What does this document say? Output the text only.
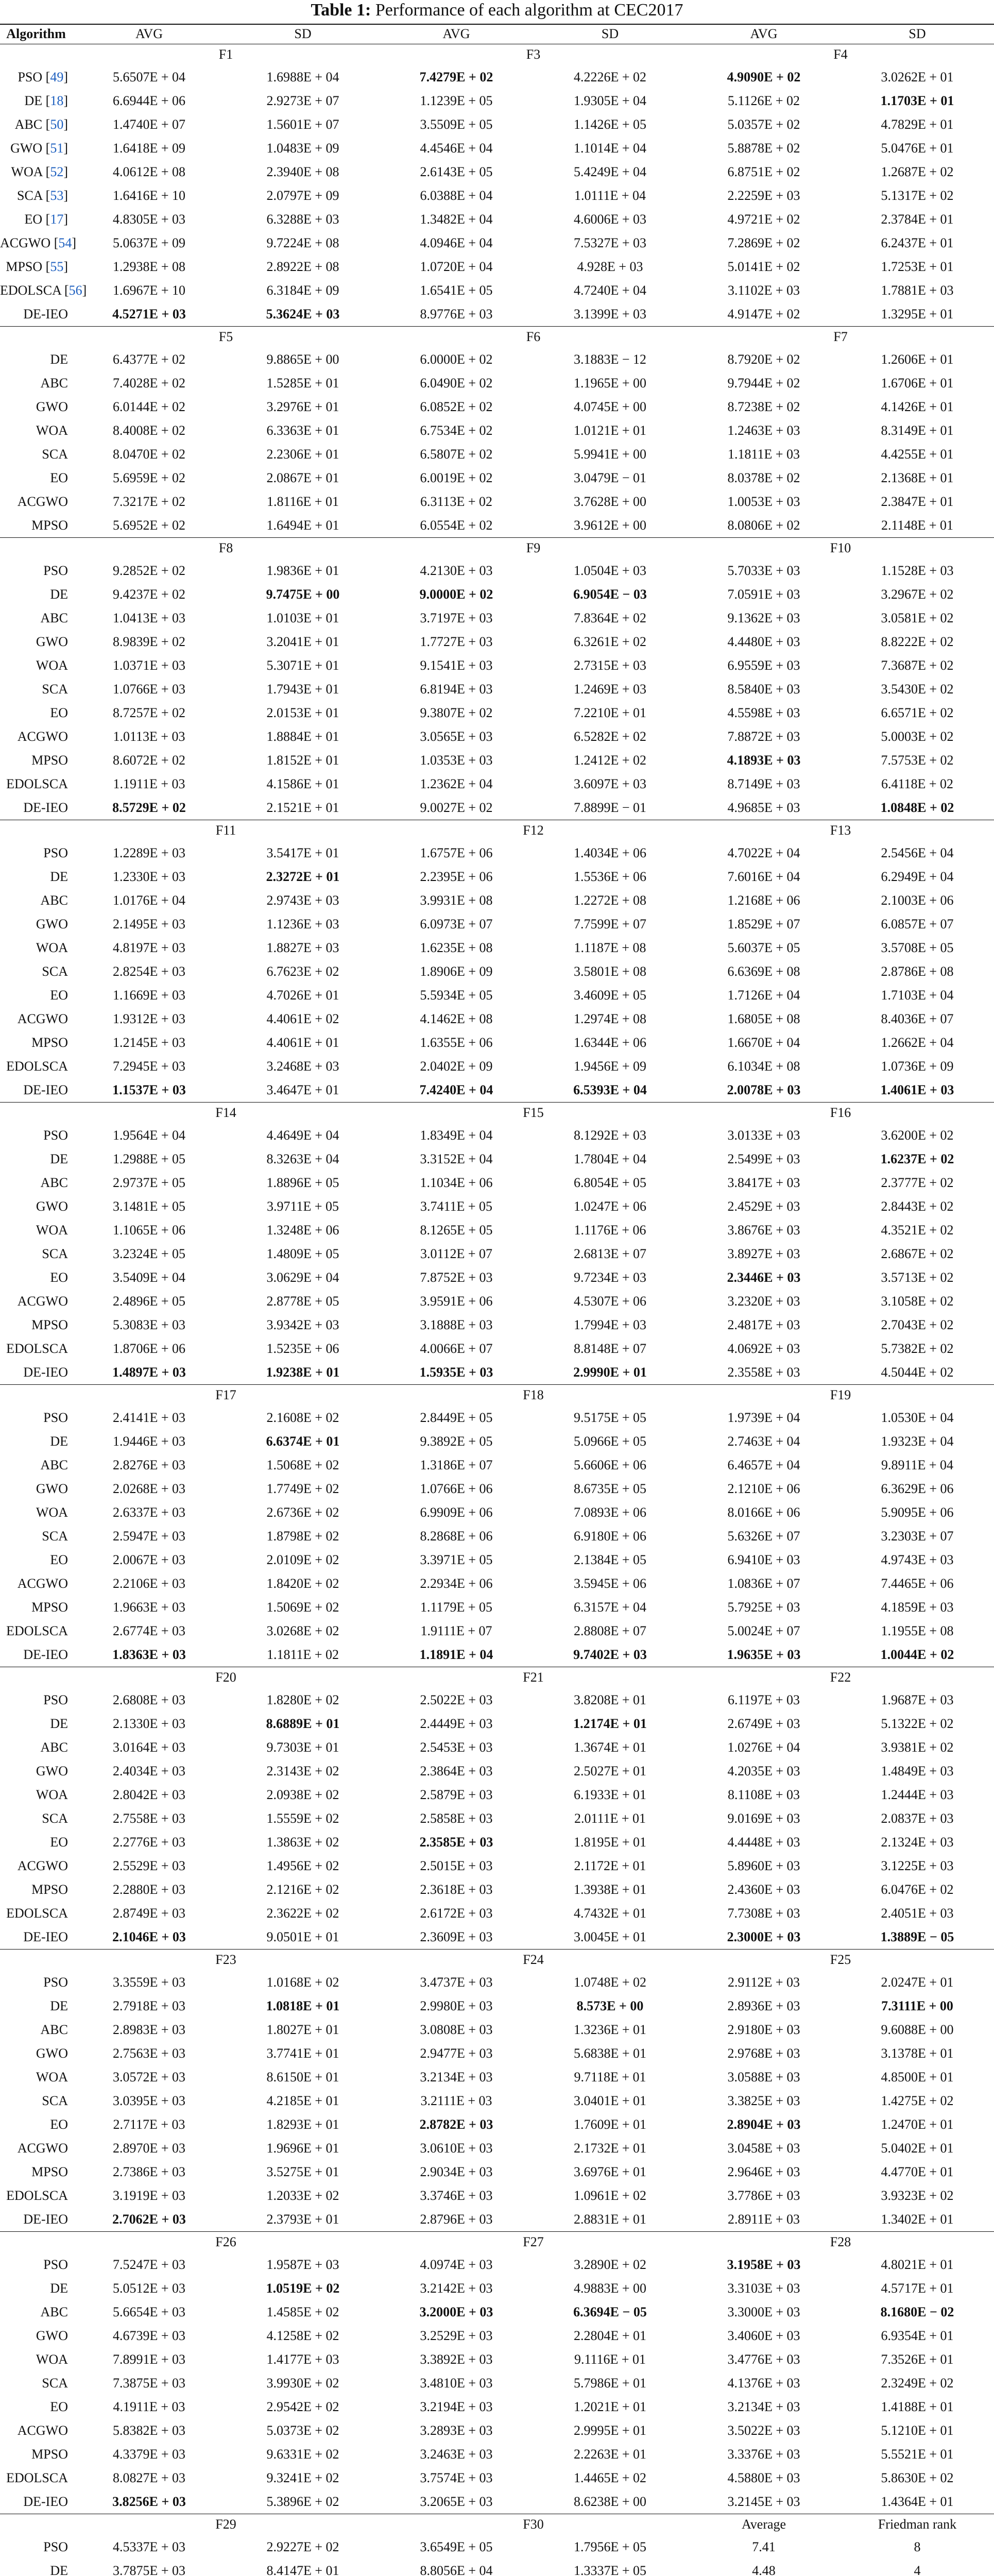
Table 1: Performance of each algorithm at CEC2017
Algorithm	AVG	SD	AVG	SD	AVG	SD
	F1		F3		F4	
PSO [49]	5.6507E + 04	1.6988E + 04	7.4279E + 02	4.2226E + 02	4.9090E + 02	3.0262E + 01
DE [18]	6.6944E + 06	2.9273E + 07	1.1239E + 05	1.9305E + 04	5.1126E + 02	1.1703E + 01
ABC [50]	1.4740E + 07	1.5601E + 07	3.5509E + 05	1.1426E + 05	5.0357E + 02	4.7829E + 01
GWO [51]	1.6418E + 09	1.0483E + 09	4.4546E + 04	1.1014E + 04	5.8878E + 02	5.0476E + 01
WOA [52]	4.0612E + 08	2.3940E + 08	2.6143E + 05	5.4249E + 04	6.8751E + 02	1.2687E + 02
SCA [53]	1.6416E + 10	2.0797E + 09	6.0388E + 04	1.0111E + 04	2.2259E + 03	5.1317E + 02
EO [17]	4.8305E + 03	6.3288E + 03	1.3482E + 04	4.6006E + 03	4.9721E + 02	2.3784E + 01
ACGWO [54]	5.0637E + 09	9.7224E + 08	4.0946E + 04	7.5327E + 03	7.2869E + 02	6.2437E + 01
MPSO [55]	1.2938E + 08	2.8922E + 08	1.0720E + 04	4.928E + 03	5.0141E + 02	1.7253E + 01
EDOLSCA [56]	1.6967E + 10	6.3184E + 09	1.6541E + 05	4.7240E + 04	3.1102E + 03	1.7881E + 03
DE-IEO	4.5271E + 03	5.3624E + 03	8.9776E + 03	3.1399E + 03	4.9147E + 02	1.3295E + 01
	F5		F6		F7	
DE	6.4377E + 02	9.8865E + 00	6.0000E + 02	3.1883E − 12	8.7920E + 02	1.2606E + 01
ABC	7.4028E + 02	1.5285E + 01	6.0490E + 02	1.1965E + 00	9.7944E + 02	1.6706E + 01
GWO	6.0144E + 02	3.2976E + 01	6.0852E + 02	4.0745E + 00	8.7238E + 02	4.1426E + 01
WOA	8.4008E + 02	6.3363E + 01	6.7534E + 02	1.0121E + 01	1.2463E + 03	8.3149E + 01
SCA	8.0470E + 02	2.2306E + 01	6.5807E + 02	5.9941E + 00	1.1811E + 03	4.4255E + 01
EO	5.6959E + 02	2.0867E + 01	6.0019E + 02	3.0479E − 01	8.0378E + 02	2.1368E + 01
ACGWO	7.3217E + 02	1.8116E + 01	6.3113E + 02	3.7628E + 00	1.0053E + 03	2.3847E + 01
MPSO	5.6952E + 02	1.6494E + 01	6.0554E + 02	3.9612E + 00	8.0806E + 02	2.1148E + 01
	F8		F9		F10	
PSO	9.2852E + 02	1.9836E + 01	4.2130E + 03	1.0504E + 03	5.7033E + 03	1.1528E + 03
DE	9.4237E + 02	9.7475E + 00	9.0000E + 02	6.9054E − 03	7.0591E + 03	3.2967E + 02
ABC	1.0413E + 03	1.0103E + 01	3.7197E + 03	7.8364E + 02	9.1362E + 03	3.0581E + 02
GWO	8.9839E + 02	3.2041E + 01	1.7727E + 03	6.3261E + 02	4.4480E + 03	8.8222E + 02
WOA	1.0371E + 03	5.3071E + 01	9.1541E + 03	2.7315E + 03	6.9559E + 03	7.3687E + 02
SCA	1.0766E + 03	1.7943E + 01	6.8194E + 03	1.2469E + 03	8.5840E + 03	3.5430E + 02
EO	8.7257E + 02	2.0153E + 01	9.3807E + 02	7.2210E + 01	4.5598E + 03	6.6571E + 02
ACGWO	1.0113E + 03	1.8884E + 01	3.0565E + 03	6.5282E + 02	7.8872E + 03	5.0003E + 02
MPSO	8.6072E + 02	1.8152E + 01	1.0353E + 03	1.2412E + 02	4.1893E + 03	7.5753E + 02
EDOLSCA	1.1911E + 03	4.1586E + 01	1.2362E + 04	3.6097E + 03	8.7149E + 03	6.4118E + 02
DE-IEO	8.5729E + 02	2.1521E + 01	9.0027E + 02	7.8899E − 01	4.9685E + 03	1.0848E + 02
	F11		F12		F13	
PSO	1.2289E + 03	3.5417E + 01	1.6757E + 06	1.4034E + 06	4.7022E + 04	2.5456E + 04
DE	1.2330E + 03	2.3272E + 01	2.2395E + 06	1.5536E + 06	7.6016E + 04	6.2949E + 04
ABC	1.0176E + 04	2.9743E + 03	3.9931E + 08	1.2272E + 08	1.2168E + 06	2.1003E + 06
GWO	2.1495E + 03	1.1236E + 03	6.0973E + 07	7.7599E + 07	1.8529E + 07	6.0857E + 07
WOA	4.8197E + 03	1.8827E + 03	1.6235E + 08	1.1187E + 08	5.6037E + 05	3.5708E + 05
SCA	2.8254E + 03	6.7623E + 02	1.8906E + 09	3.5801E + 08	6.6369E + 08	2.8786E + 08
EO	1.1669E + 03	4.7026E + 01	5.5934E + 05	3.4609E + 05	1.7126E + 04	1.7103E + 04
ACGWO	1.9312E + 03	4.4061E + 02	4.1462E + 08	1.2974E + 08	1.6805E + 08	8.4036E + 07
MPSO	1.2145E + 03	4.4061E + 01	1.6355E + 06	1.6344E + 06	1.6670E + 04	1.2662E + 04
EDOLSCA	7.2945E + 03	3.2468E + 03	2.0402E + 09	1.9456E + 09	6.1034E + 08	1.0736E + 09
DE-IEO	1.1537E + 03	3.4647E + 01	7.4240E + 04	6.5393E + 04	2.0078E + 03	1.4061E + 03
	F14		F15		F16	
PSO	1.9564E + 04	4.4649E + 04	1.8349E + 04	8.1292E + 03	3.0133E + 03	3.6200E + 02
DE	1.2988E + 05	8.3263E + 04	3.3152E + 04	1.7804E + 04	2.5499E + 03	1.6237E + 02
ABC	2.9737E + 05	1.8896E + 05	1.1034E + 06	6.8054E + 05	3.8417E + 03	2.3777E + 02
GWO	3.1481E + 05	3.9711E + 05	3.7411E + 05	1.0247E + 06	2.4529E + 03	2.8443E + 02
WOA	1.1065E + 06	1.3248E + 06	8.1265E + 05	1.1176E + 06	3.8676E + 03	4.3521E + 02
SCA	3.2324E + 05	1.4809E + 05	3.0112E + 07	2.6813E + 07	3.8927E + 03	2.6867E + 02
EO	3.5409E + 04	3.0629E + 04	7.8752E + 03	9.7234E + 03	2.3446E + 03	3.5713E + 02
ACGWO	2.4896E + 05	2.8778E + 05	3.9591E + 06	4.5307E + 06	3.2320E + 03	3.1058E + 02
MPSO	5.3083E + 03	3.9342E + 03	3.1888E + 03	1.7994E + 03	2.4817E + 03	2.7043E + 02
EDOLSCA	1.8706E + 06	1.5235E + 06	4.0066E + 07	8.8148E + 07	4.0692E + 03	5.7382E + 02
DE-IEO	1.4897E + 03	1.9238E + 01	1.5935E + 03	2.9990E + 01	2.3558E + 03	4.5044E + 02
	F17		F18		F19	
PSO	2.4141E + 03	2.1608E + 02	2.8449E + 05	9.5175E + 05	1.9739E + 04	1.0530E + 04
DE	1.9446E + 03	6.6374E + 01	9.3892E + 05	5.0966E + 05	2.7463E + 04	1.9323E + 04
ABC	2.8276E + 03	1.5068E + 02	1.3186E + 07	5.6606E + 06	6.4657E + 04	9.8911E + 04
GWO	2.0268E + 03	1.7749E + 02	1.0766E + 06	8.6735E + 05	2.1210E + 06	6.3629E + 06
WOA	2.6337E + 03	2.6736E + 02	6.9909E + 06	7.0893E + 06	8.0166E + 06	5.9095E + 06
SCA	2.5947E + 03	1.8798E + 02	8.2868E + 06	6.9180E + 06	5.6326E + 07	3.2303E + 07
EO	2.0067E + 03	2.0109E + 02	3.3971E + 05	2.1384E + 05	6.9410E + 03	4.9743E + 03
ACGWO	2.2106E + 03	1.8420E + 02	2.2934E + 06	3.5945E + 06	1.0836E + 07	7.4465E + 06
MPSO	1.9663E + 03	1.5069E + 02	1.1179E + 05	6.3157E + 04	5.7925E + 03	4.1859E + 03
EDOLSCA	2.6774E + 03	3.0268E + 02	1.9111E + 07	2.8808E + 07	5.0024E + 07	1.1955E + 08
DE-IEO	1.8363E + 03	1.1811E + 02	1.1891E + 04	9.7402E + 03	1.9635E + 03	1.0044E + 02
	F20		F21		F22	
PSO	2.6808E + 03	1.8280E + 02	2.5022E + 03	3.8208E + 01	6.1197E + 03	1.9687E + 03
DE	2.1330E + 03	8.6889E + 01	2.4449E + 03	1.2174E + 01	2.6749E + 03	5.1322E + 02
ABC	3.0164E + 03	9.7303E + 01	2.5453E + 03	1.3674E + 01	1.0276E + 04	3.9381E + 02
GWO	2.4034E + 03	2.3143E + 02	2.3864E + 03	2.5027E + 01	4.2035E + 03	1.4849E + 03
WOA	2.8042E + 03	2.0938E + 02	2.5879E + 03	6.1933E + 01	8.1108E + 03	1.2444E + 03
SCA	2.7558E + 03	1.5559E + 02	2.5858E + 03	2.0111E + 01	9.0169E + 03	2.0837E + 03
EO	2.2776E + 03	1.3863E + 02	2.3585E + 03	1.8195E + 01	4.4448E + 03	2.1324E + 03
ACGWO	2.5529E + 03	1.4956E + 02	2.5015E + 03	2.1172E + 01	5.8960E + 03	3.1225E + 03
MPSO	2.2880E + 03	2.1216E + 02	2.3618E + 03	1.3938E + 01	2.4360E + 03	6.0476E + 02
EDOLSCA	2.8749E + 03	2.3622E + 02	2.6172E + 03	4.7432E + 01	7.7308E + 03	2.4051E + 03
DE-IEO	2.1046E + 03	9.0501E + 01	2.3609E + 03	3.0045E + 01	2.3000E + 03	1.3889E − 05
	F23		F24		F25	
PSO	3.3559E + 03	1.0168E + 02	3.4737E + 03	1.0748E + 02	2.9112E + 03	2.0247E + 01
DE	2.7918E + 03	1.0818E + 01	2.9980E + 03	8.573E + 00	2.8936E + 03	7.3111E + 00
ABC	2.8983E + 03	1.8027E + 01	3.0808E + 03	1.3236E + 01	2.9180E + 03	9.6088E + 00
GWO	2.7563E + 03	3.7741E + 01	2.9477E + 03	5.6838E + 01	2.9768E + 03	3.1378E + 01
WOA	3.0572E + 03	8.6150E + 01	3.2134E + 03	9.7118E + 01	3.0588E + 03	4.8500E + 01
SCA	3.0395E + 03	4.2185E + 01	3.2111E + 03	3.0401E + 01	3.3825E + 03	1.4275E + 02
EO	2.7117E + 03	1.8293E + 01	2.8782E + 03	1.7609E + 01	2.8904E + 03	1.2470E + 01
ACGWO	2.8970E + 03	1.9696E + 01	3.0610E + 03	2.1732E + 01	3.0458E + 03	5.0402E + 01
MPSO	2.7386E + 03	3.5275E + 01	2.9034E + 03	3.6976E + 01	2.9646E + 03	4.4770E + 01
EDOLSCA	3.1919E + 03	1.2033E + 02	3.3746E + 03	1.0961E + 02	3.7786E + 03	3.9323E + 02
DE-IEO	2.7062E + 03	2.3793E + 01	2.8796E + 03	2.8831E + 01	2.8911E + 03	1.3402E + 01
	F26		F27		F28	
PSO	7.5247E + 03	1.9587E + 03	4.0974E + 03	3.2890E + 02	3.1958E + 03	4.8021E + 01
DE	5.0512E + 03	1.0519E + 02	3.2142E + 03	4.9883E + 00	3.3103E + 03	4.5717E + 01
ABC	5.6654E + 03	1.4585E + 02	3.2000E + 03	6.3694E − 05	3.3000E + 03	8.1680E − 02
GWO	4.6739E + 03	4.1258E + 02	3.2529E + 03	2.2804E + 01	3.4060E + 03	6.9354E + 01
WOA	7.8991E + 03	1.4177E + 03	3.3892E + 03	9.1116E + 01	3.4776E + 03	7.3526E + 01
SCA	7.3875E + 03	3.9930E + 02	3.4810E + 03	5.7986E + 01	4.1376E + 03	2.3249E + 02
EO	4.1911E + 03	2.9542E + 02	3.2194E + 03	1.2021E + 01	3.2134E + 03	1.4188E + 01
ACGWO	5.8382E + 03	5.0373E + 02	3.2893E + 03	2.9995E + 01	3.5022E + 03	5.1210E + 01
MPSO	4.3379E + 03	9.6331E + 02	3.2463E + 03	2.2263E + 01	3.3376E + 03	5.5521E + 01
EDOLSCA	8.0827E + 03	9.3241E + 02	3.7574E + 03	1.4465E + 02	4.5880E + 03	5.8630E + 02
DE-IEO	3.8256E + 03	5.3896E + 02	3.2065E + 03	8.6238E + 00	3.2145E + 03	1.4364E + 01
	F29		F30		Average	Friedman rank
PSO	4.5337E + 03	2.9227E + 02	3.6549E + 05	1.7956E + 05	7.41	8
DE	3.7875E + 03	8.4147E + 01	8.8056E + 04	1.3337E + 05	4.48	4
